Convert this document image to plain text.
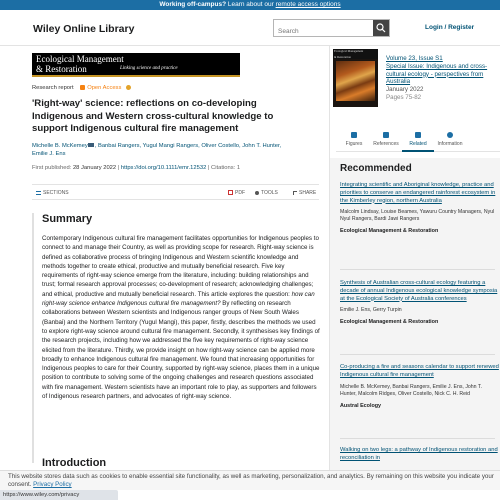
Working off-campus? Learn about our remote access options
Wiley Online Library
Search	Login / Register
Ecological Management
& Restoration	Linking science and practice
Research report Open Access
'Right-way' science: reflections on co-developing Indigenous and Western cross-cultural knowledge to support Indigenous cultural fire management
Michelle B. McKemey , Banbai Rangers, Yugul Mangi Rangers, Oliver Costello, John T. Hunter, Emilie J. Ens
First published: 28 January 2022 | https://doi.org/10.1111/emr.12532 | Citations: 1
SECTIONS	PDF	TOOLS	SHARE
Summary

Contemporary Indigenous cultural fire management facilitates opportunities for Indigenous peoples to connect to and manage their Country, as well as providing scope for research. Right-way science is defined as collaborative process of bringing Indigenous and Western scientific knowledge and methods together to create ethical, productive and mutually beneficial research. Five key requirements of right-way science emerge from the literature, including: building relationships and trust; formal research approval processes; co-development of research; acknowledging challenges; and ethical, productive and mutually beneficial research. This article explores the question: how can right-way science enhance Indigenous cultural fire management? By reflecting on research collaborations between Western scientists and Indigenous ranger groups of New South Wales (Banbai) and the Northern Territory (Yugul Mangi), this paper, firstly, describes the methods we used to explore right-way science around cultural fire management. Secondly, it synthesises key findings of the research projects, including how we addressed the five key requirements of right-way science elicited from the literature. Thirdly, we provide insight on how right-way science can be applied more broadly to enhance Indigenous cultural fire management. We found that increasing opportunities for Indigenous peoples to care for their Country, supported by right-way science, places them in a unique position to contribute to solving some of the ongoing challenges and research questions associated with fire management. Western scientists have an important role to play, as supporters and followers of Indigenous research partners, and advocates of right-way science.

Introduction
Ecological Management
& Restoration	Volume 23, Issue S1
Special Issue: Indigenous and cross-cultural ecology - perspectives from Australia
January 2022
Pages 75-82
Figures	References	Related	Information
Recommended
Integrating scientific and Aboriginal knowledge, practice and priorities to conserve an endangered rainforest ecosystem in the Kimberley region, northern Australia
Malcolm Lindsay, Louise Beames, Yawuru Country Managers, Nyul Nyul Rangers, Bardi Jawi Rangers
Ecological Management & Restoration
Synthesis of Australian cross-cultural ecology featuring a decade of annual Indigenous ecological knowledge symposia at the Ecological Society of Australia conferences
Emilie J. Ens, Gerry Turpin
Ecological Management & Restoration
Co-producing a fire and seasons calendar to support renewed Indigenous cultural fire management
Michelle B. McKemey, Banbai Rangers, Emilie J. Ens, John T. Hunter, Malcolm Ridges, Oliver Costello, Nick C. H. Reid
Austral Ecology
Walking on two legs: a pathway of Indigenous restoration and reconciliation in
This website stores data such as cookies to enable essential site functionality, as well as marketing, personalization, and analytics. By remaining on this website you indicate your consent. Privacy Policy
https://www.wiley.com/privacy
